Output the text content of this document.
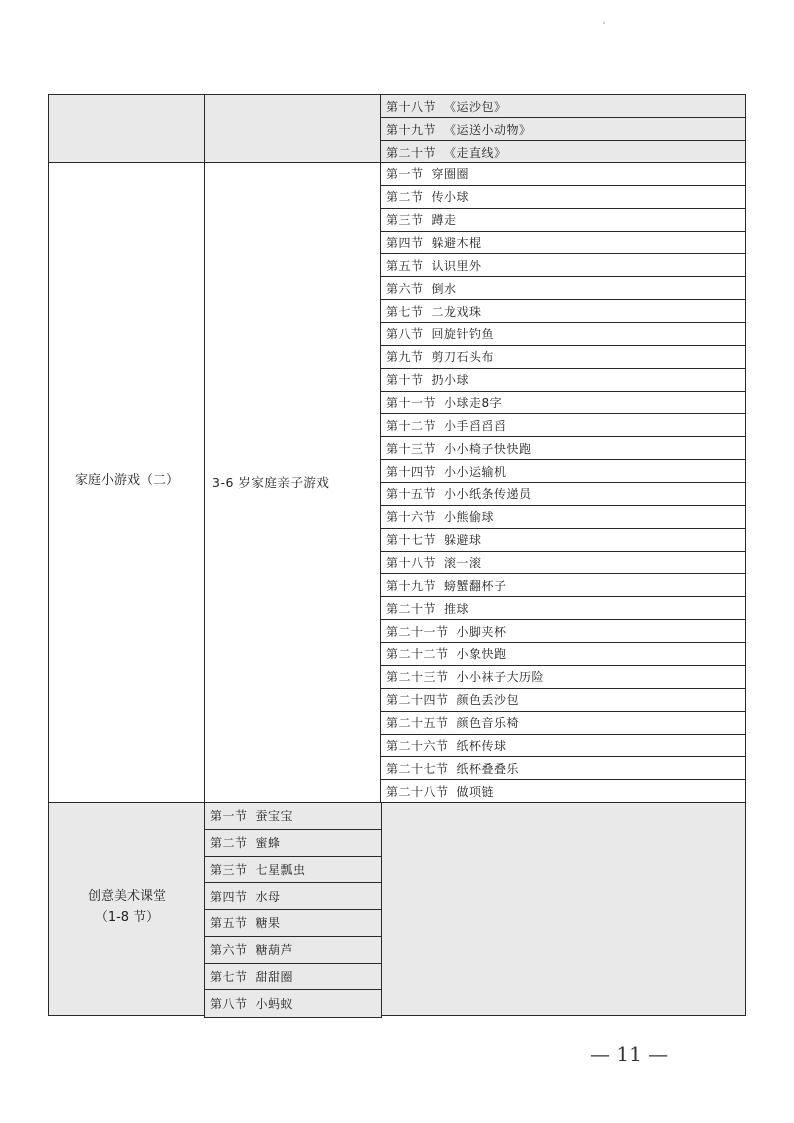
第十八节 《运沙包》
第十九节 《运送小动物》
第二十节 《走直线》
家庭小游戏（二）	3-6 岁家庭亲子游戏
第一节 穿圈圈
第二节 传小球
第三节 蹲走
第四节 躲避木棍
第五节 认识里外
第六节 倒水
第七节 二龙戏珠
第八节 回旋针钓鱼
第九节 剪刀石头布
第十节 扔小球
第十一节 小球走8字
第十二节 小手舀舀舀
第十三节 小小椅子快快跑
第十四节 小小运输机
第十五节 小小纸条传递员
第十六节 小熊偷球
第十七节 躲避球
第十八节 滚一滚
第十九节 螃蟹翻杯子
第二十节 推球
第二十一节 小脚夹杯
第二十二节 小象快跑
第二十三节 小小袜子大历险
第二十四节 颜色丢沙包
第二十五节 颜色音乐椅
第二十六节 纸杯传球
第二十七节 纸杯叠叠乐
第二十八节 做项链
创意美术课堂
（1-8 节）
第一节 蚕宝宝
第二节 蜜蜂
第三节 七星瓢虫
第四节 水母
第五节 糖果
第六节 糖葫芦
第七节 甜甜圈
第八节 小蚂蚁
— 11 —
